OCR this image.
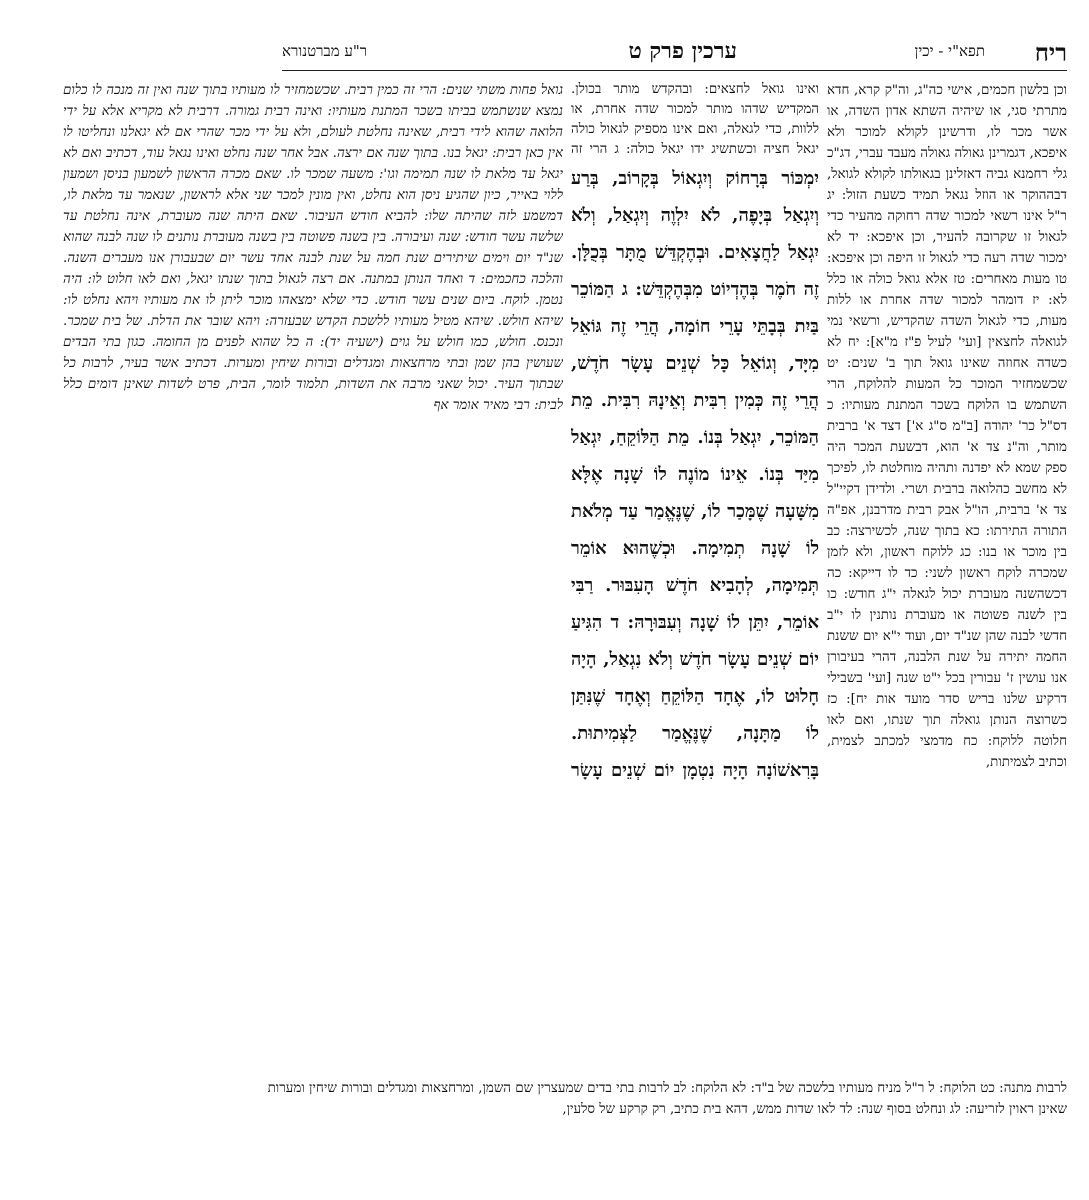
ריח
תפא"י - יכין
ערכין פרק ט
ר"ע מברטנורא

וכן בלשון חכמים, אישי כה"ג, וה"ק קרא, חדא מתרתי סגי, או שיהיה השתא אדון השדה, או אשר מכר לו, ודרשינן לקולא למוכר ולא איפכא, דגמרינן גאולה גאולה מעבד עברי, דג"כ גלי רחמנא גביה דאזלינן בגאולתו לקולא לגואל, דבההוקר או הוזל נגאל תמיד כשעת הזול: יג ר"ל אינו רשאי למכור שדה רחוקה מהעיר כדי לגאול זו שקרובה להעיר, וכן איפכא: יד לא ימכור שדה רעה כדי לגאול זו היפה וכן איפכא: טו מעות מאחרים: טז אלא גואל כולה או כלל לא: יז דומהר למכור שדה אחרת או ללות מעות, כדי לגאול השדה שהקדיש, ורשאי נמי לגואלה לחצאין [ועי' לעיל פ"ז מ"א]: יח לא כשדה אחוזה שאינו גואל תוך ב' שנים: יט שכשמחזיר המוכר כל המעות להלוקח, הרי השתמש בו הלוקח בשכר המתנת מעותיו: כ דס"ל כר' יהודה [ב"מ ס"ג א'] דצד א' ברבית מותר, וה"נ צד א' הוא, דבשעת המכר היה ספק שמא לא יפדנה ותהיה מוחלטת לו, לפיכך לא מחשב כהלואה ברבית ושרי. ולדידן דקיי"ל צד א' ברבית, הו"ל אבק רבית מדרבנן, אפ"ה התורה התירתו: כא בתוך שנה, לכשירצה: כב בין מוכר או בנו: כג ללוקח ראשון, ולא לזמן שמכרה לוקח ראשון לשני: כד לו דייקא: כה דכשהשנה מעוברת יכול לגאלה י"ג חודש: כו בין לשנה פשוטה או מעוברת נותנין לו י"ב חדשי לבנה שהן שנ"ד יום, ועוד י"א יום ששנת החמה יתירה על שנת הלבנה, דהרי בעיבורן אנו עושין ז' עבורין בכל י"ט שנה [ועי' בשבילי דרקיע שלנו בריש סדר מועד אות יח]: כז כשרוצה הנותן גואלה תוך שנתו, ואם לאו חלוטה ללוקח: כח מדמצי למכתב לצמית, וכתיב לצמיתות,

ואינו גואל לחצאים: ובהקדש מותר בכולן. המקדיש שדהו מותר למכור שדה אחרת, או ללוות, כדי לגאלה, ואם אינו מספיק לגאול כולה יגאל חציה וכשתשיג ידו יגאל כולה: ג הרי זה

יִמְכּוֹר בְּרָחוֹק וְיִגְאוֹל בְּקָרוֹב, בְּרַע וְיִגְאַל בְּיָפֶה, לֹא יִלְוֶה וְיִגְאַל, וְלֹא יִגְאַל לַחֲצָאִים. וּבְהֶקְדֵּשׁ מֻתָּר בְּכֻלָּן. זֶה חֹמֶר בְּהֶדְיוֹט מִבְּהֶקְדֵּשׁ: ג הַמּוֹכֵר בַּיִת בְּבָתֵּי עָרֵי חוֹמָה, הֲרֵי זֶה גּוֹאֵל מִיָּד, וְגוֹאֵל כָּל שְׁנֵים עָשָׂר חֹדֶשׁ, הֲרֵי זֶה כְּמִין רִבִּית וְאֵינָהּ רִבִּית. מֵת הַמּוֹכֵר, יִגְאַל בְּנוֹ. מֵת הַלּוֹקֵחַ, יִגְאַל מִיַּד בְּנוֹ. אֵינוֹ מוֹנֶה לוֹ שָׁנָה אֶלָּא מִשָּׁעָה שֶׁמָּכַר לוֹ, שֶׁנֶּאֱמַר עַד מְלֹאת לוֹ שָׁנָה תְמִימָה. וּכְשֶׁהוּא אוֹמֵר תְּמִימָה, לְהָבִיא חֹדֶשׁ הָעִבּוּר. רַבִּי אוֹמֵר, יִתֵּן לוֹ שָׁנָה וְעִבּוּרָהּ: ד הִגִּיעַ יוֹם שְׁנֵים עָשָׂר חֹדֶשׁ וְלֹא נִגְאַל, הָיָה חָלוּט לוֹ, אֶחָד הַלּוֹקֵחַ וְאֶחָד שֶׁנִּתַּן לוֹ מַתָּנָה, שֶׁנֶּאֱמַר לַצְּמִיתוּת. בָּרִאשׁוֹנָה הָיָה נִטְמָן יוֹם שְׁנֵים עָשָׂר

גואל פחות משתי שנים: הרי זה כמין רבית. שכשמחזיר לו מעותיו בתוך שנה ואין זה מנכה לו כלום נמצא שנשתמש בביתו בשכר המתנת מעותיו: ואינה רבית גמורה. דרבית לא מקריא אלא על ידי הלואה שהוא לידי רבית, שאינה נחלטת לעולם, ולא על ידי מכר שהרי אם לא יגאלנו ונחליטו לו אין כאן רבית: יגאל בנו. בתוך שנה אם ירצה. אבל אחר שנה נחלט ואינו נגאל עוד, דכתיב ואם לא יגאל עד מלאת לו שנה תמימה וגו': משעה שמכר לו. שאם מכרה הראשון לשמעון בניסן ושמעון ללוי באייר, כיון שהגיע ניסן הוא נחלט, ואין מונין למכר שני אלא לראשון, שנאמר עד מלאת לו, דמשמע לזה שהיתה שלו: להביא חודש העיבור. שאם היתה שנה מעוברת, אינה נחלטת עד שלשה עשר חודש: שנה ועיבורה. בין בשנה פשוטה בין בשנה מעוברת נותנים לו שנה לבנה שהוא שנ"ד יום וימים שיתירים שנת חמה על שנת לבנה אחד עשר יום שבעבורן אנו מעברים השנה. והלכה כחכמים: ד ואחד הנותן במתנה. אם רצה לגאול בתוך שנתו יגאל, ואם לאו חלוט לו: היה נטמן. לוקח. ביום שנים עשר חודש. כדי שלא ימצאהו מוכר ליתן לו את מעותיו ויהא נחלט לו: שיהא חולש. שיהא מטיל מעותיו ללשכת הקדש שבעזרה: ויהא שובר את הדלת. של בית שמכר. ונכנס. חולש, כמו חולש על גוים (ישעיה יד): ה כל שהוא לפנים מן החומה. כגון בתי הבדים שעושין בהן שמן ובתי מרחצאות ומגדלים ובורות שיחין ומערות. דכתיב אשר בעיר, לרבות כל שבתוך העיר. יכול שאני מרבה את השדות, תלמוד לומר, הבית, פרט לשדות שאינן דומים כלל לבית: רבי מאיר אומר אף

לרבות מתנה: כט הלוקח: ל ר"ל מניח מעותיו בלשכה של ב"ד: לא הלוקח: לב לרבות בתי בדים שמעצרין שם השמן, ומרחצאות ומגדלים ובורות שיחין ומערות

שאינן ראוין לזריעה: לג ונחלט בסוף שנה: לד לאו שדות ממש, דהא בית כתיב, רק קרקע של סלעין,
